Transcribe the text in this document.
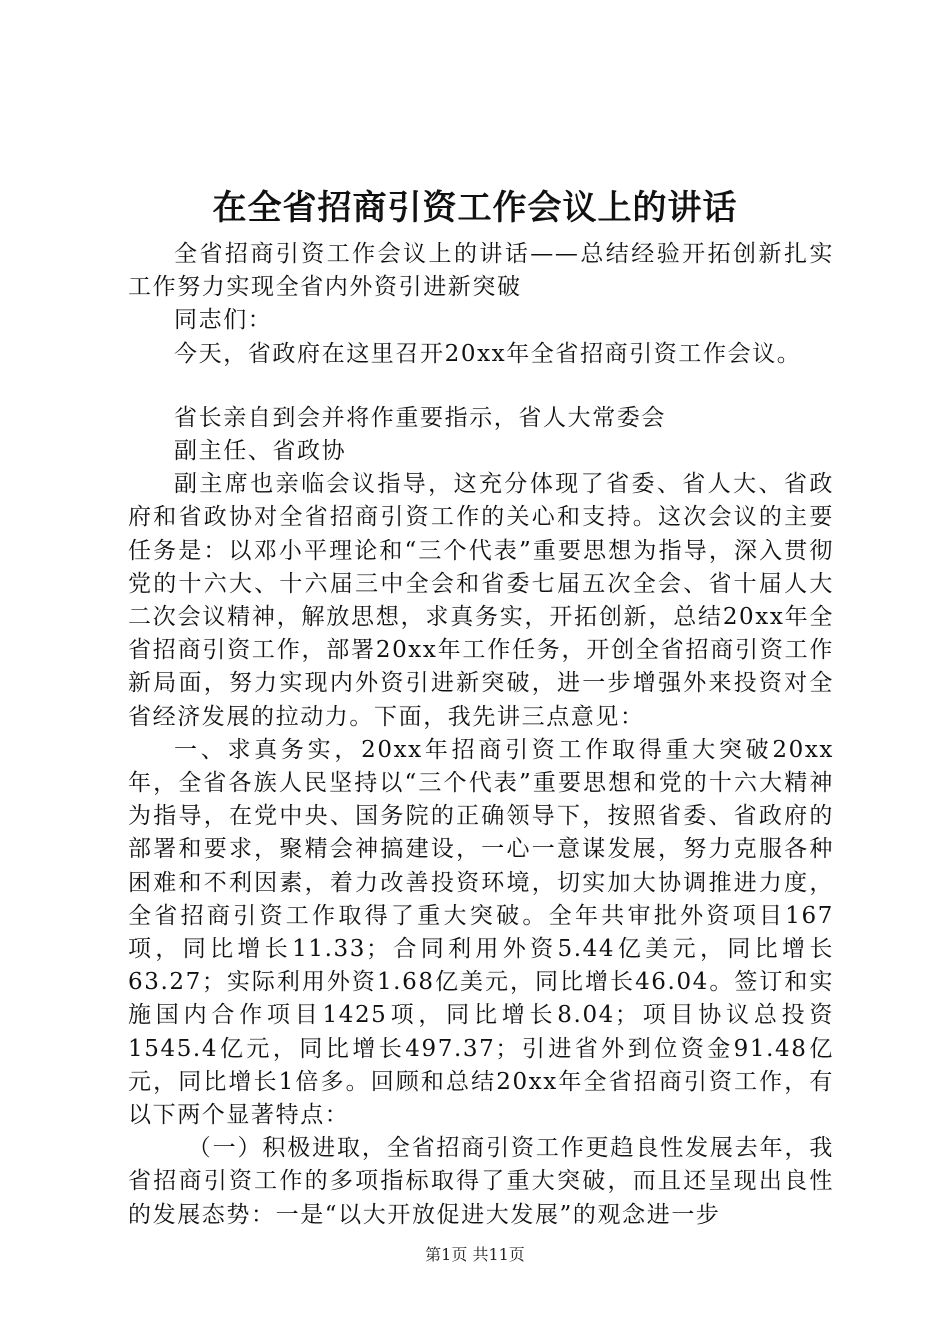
在全省招商引资工作会议上的讲话

全省招商引资工作会议上的讲话——总结经验开拓创新扎实工作努力实现全省内外资引进新突破

同志们：

今天，省政府在这里召开20xx年全省招商引资工作会议。

省长亲自到会并将作重要指示，省人大常委会

副主任、省政协

副主席也亲临会议指导，这充分体现了省委、省人大、省政府和省政协对全省招商引资工作的关心和支持。这次会议的主要任务是：以邓小平理论和“三个代表”重要思想为指导，深入贯彻党的十六大、十六届三中全会和省委七届五次全会、省十届人大二次会议精神，解放思想，求真务实，开拓创新，总结20xx年全省招商引资工作，部署20xx年工作任务，开创全省招商引资工作新局面，努力实现内外资引进新突破，进一步增强外来投资对全省经济发展的拉动力。下面，我先讲三点意见：

一、求真务实，20xx年招商引资工作取得重大突破20xx年，全省各族人民坚持以“三个代表”重要思想和党的十六大精神为指导，在党中央、国务院的正确领导下，按照省委、省政府的部署和要求，聚精会神搞建设，一心一意谋发展，努力克服各种困难和不利因素，着力改善投资环境，切实加大协调推进力度，全省招商引资工作取得了重大突破。全年共审批外资项目167项，同比增长11.33；合同利用外资5.44亿美元，同比增长63.27；实际利用外资1.68亿美元，同比增长46.04。签订和实施国内合作项目1425项，同比增长8.04；项目协议总投资1545.4亿元，同比增长497.37；引进省外到位资金91.48亿元，同比增长1倍多。回顾和总结20xx年全省招商引资工作，有以下两个显著特点：

（一）积极进取，全省招商引资工作更趋良性发展去年，我省招商引资工作的多项指标取得了重大突破，而且还呈现出良性的发展态势：一是“以大开放促进大发展”的观念进一步

第1页 共11页
